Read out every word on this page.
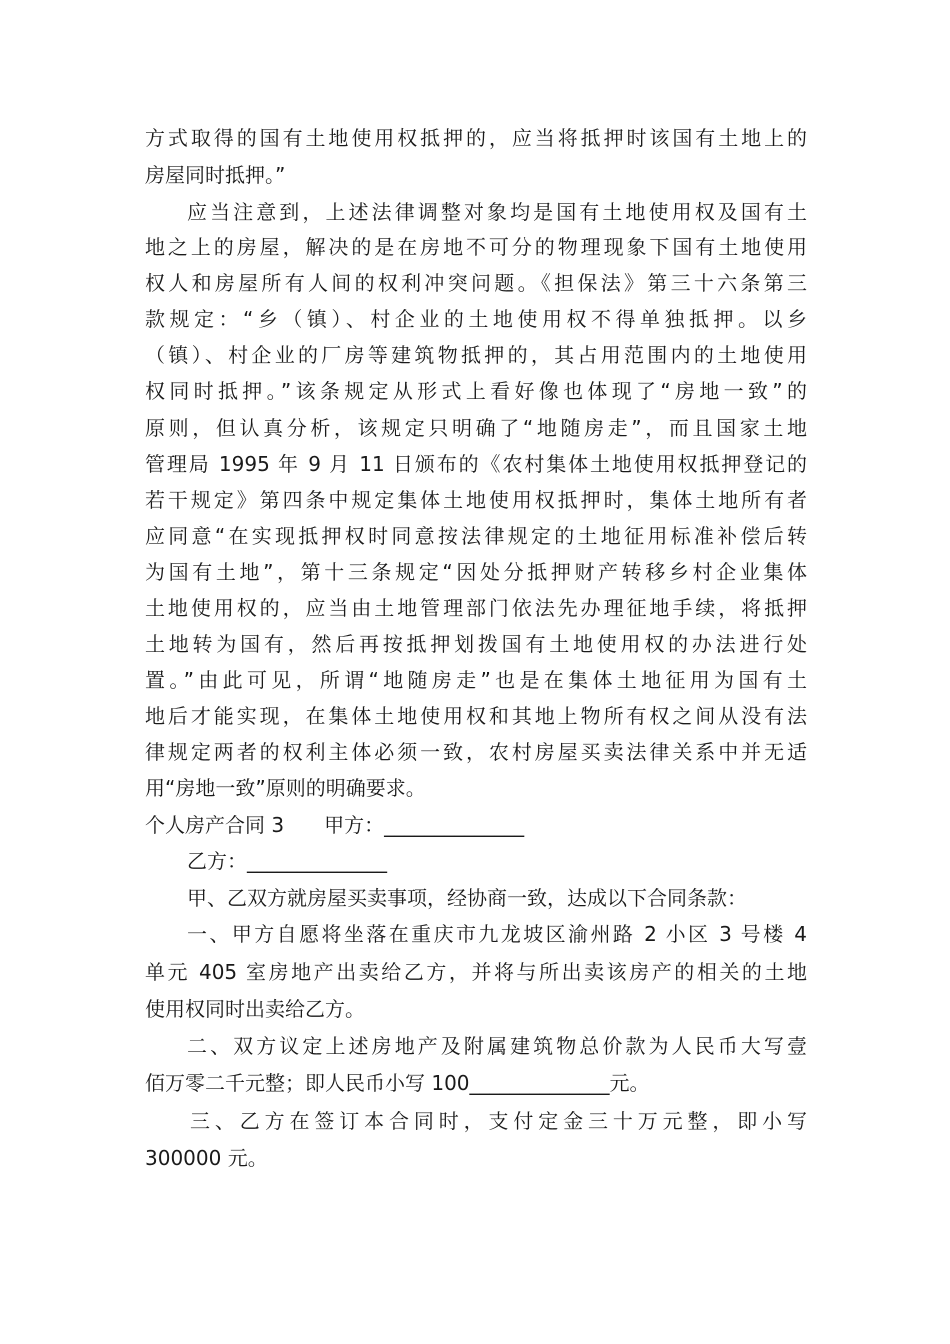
方式取得的国有土地使用权抵押的，应当将抵押时该国有土地上的
房屋同时抵押。”
应当注意到，上述法律调整对象均是国有土地使用权及国有土
地之上的房屋，解决的是在房地不可分的物理现象下国有土地使用
权人和房屋所有人间的权利冲突问题。《担保法》第三十六条第三
款规定：“乡（镇）、村企业的土地使用权不得单独抵押。以乡
（镇）、村企业的厂房等建筑物抵押的，其占用范围内的土地使用
权同时抵押。”该条规定从形式上看好像也体现了“房地一致”的
原则，但认真分析，该规定只明确了“地随房走”，而且国家土地
管理局 1995 年 9 月 11 日颁布的《农村集体土地使用权抵押登记的
若干规定》第四条中规定集体土地使用权抵押时，集体土地所有者
应同意“在实现抵押权时同意按法律规定的土地征用标准补偿后转
为国有土地”，第十三条规定“因处分抵押财产转移乡村企业集体
土地使用权的，应当由土地管理部门依法先办理征地手续，将抵押
土地转为国有，然后再按抵押划拨国有土地使用权的办法进行处
置。”由此可见，所谓“地随房走”也是在集体土地征用为国有土
地后才能实现，在集体土地使用权和其地上物所有权之间从没有法
律规定两者的权利主体必须一致，农村房屋买卖法律关系中并无适
用“房地一致”原则的明确要求。
个人房产合同 3　　甲方：______________
乙方：______________
甲、乙双方就房屋买卖事项，经协商一致，达成以下合同条款：
一、甲方自愿将坐落在重庆市九龙坡区渝州路 2 小区 3 号楼 4
单元 405 室房地产出卖给乙方，并将与所出卖该房产的相关的土地
使用权同时出卖给乙方。
二、双方议定上述房地产及附属建筑物总价款为人民币大写壹
佰万零二千元整；即人民币小写 100______________元。
三、乙方在签订本合同时，支付定金三十万元整，即小写
300000 元。
